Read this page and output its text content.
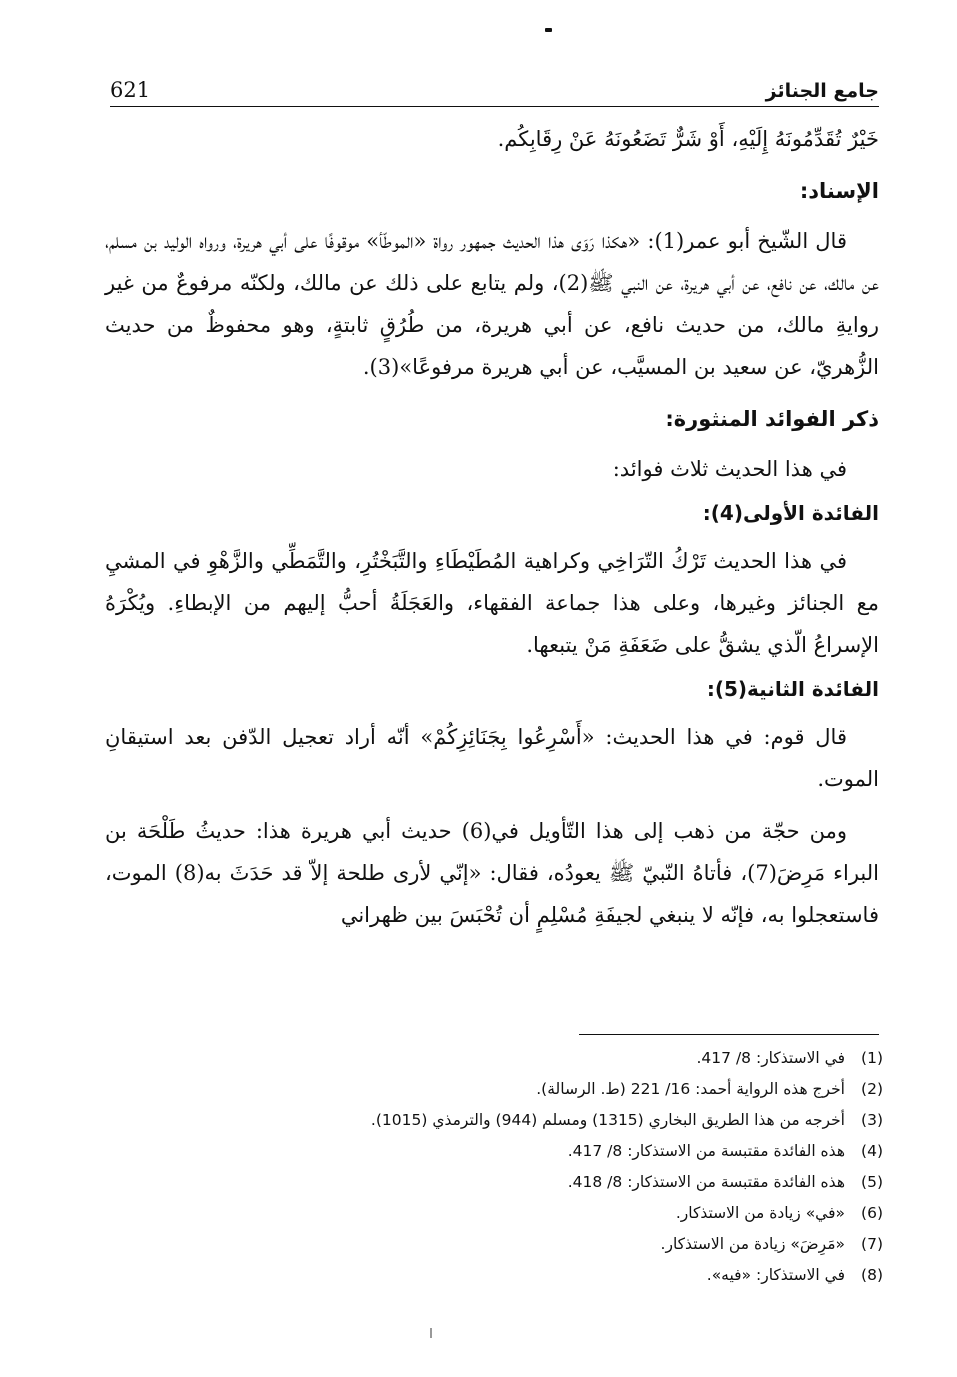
جامع الجنائز
621

خَيْرٌ تُقَدِّمُونَهُ إِلَيْهِ، أَوْ شَرٌّ تَضَعُونَهُ عَنْ رِقَابِكُم.

الإسناد:

قال الشّيخ أبو عمر(1): «هكذا رَوَى هذا الحديث جمهور رواة «الموطّأ» موقوفًا على أبي هريرة، ورواه الوليد بن مسلم، عن مالك، عن نافع، عن أبي هريرة، عن النبي ﷺ(2)، ولم يتابع على ذلك عن مالك، ولكنّه مرفوعٌ من غير روايةِ مالك، من حديث نافع، عن أبي هريرة، من طُرُقٍ ثابتةٍ، وهو محفوظٌ من حديث الزُّهريّ، عن سعيد بن المسيَّب، عن أبي هريرة مرفوعًا»(3).

ذكر الفوائد المنثورة:

في هذا الحديث ثلاث فوائد:

الفائدة الأولى(4):

في هذا الحديث تَرْكُ التّرَاخِي وكراهية المُطَيْطَاءِ والتَّبَخْتُرِ، والتَّمَطِّي والزَّهْوِ في المشيِ مع الجنائز وغيرها، وعلى هذا جماعة الفقهاء، والعَجَلَةُ أحبُّ إليهم من الإبطاءِ. ويُكْرَهُ الإسراعُ الّذي يشقُّ على ضَعَفَةِ مَنْ يتبعها.

الفائدة الثانية(5):

قال قوم: في هذا الحديث: «أَسْرِعُوا بِجَنَائِزِكُمْ» أنّه أراد تعجيل الدّفن بعد استيقانِ الموت.

ومن حجّة من ذهب إلى هذا التّأويل في(6) حديث أبي هريرة هذا: حديثُ طَلْحَة بن البراء مَرِضَ(7)، فأتاهُ النّبيّ ﷺ يعودُه، فقال: «إنّي لأرى طلحة إلاّ قد حَدَثَ به(8) الموت، فاستعجلوا به، فإنّه لا ينبغي لجيفَةِ مُسْلِمٍ أن تُحْبَسَ بين ظهراني

(1)
في الاستذكار: 8/ 417.
(2)
أخرج هذه الرواية أحمد: 16/ 221 (ط. الرسالة).
(3)
أخرجه من هذا الطريق البخاري (1315) ومسلم (944) والترمذي (1015).
(4)
هذه الفائدة مقتبسة من الاستذكار: 8/ 417.
(5)
هذه الفائدة مقتبسة من الاستذكار: 8/ 418.
(6)
«في» زيادة من الاستذكار.
(7)
«مَرِضَ» زيادة من الاستذكار.
(8)
في الاستذكار: «فيه».
